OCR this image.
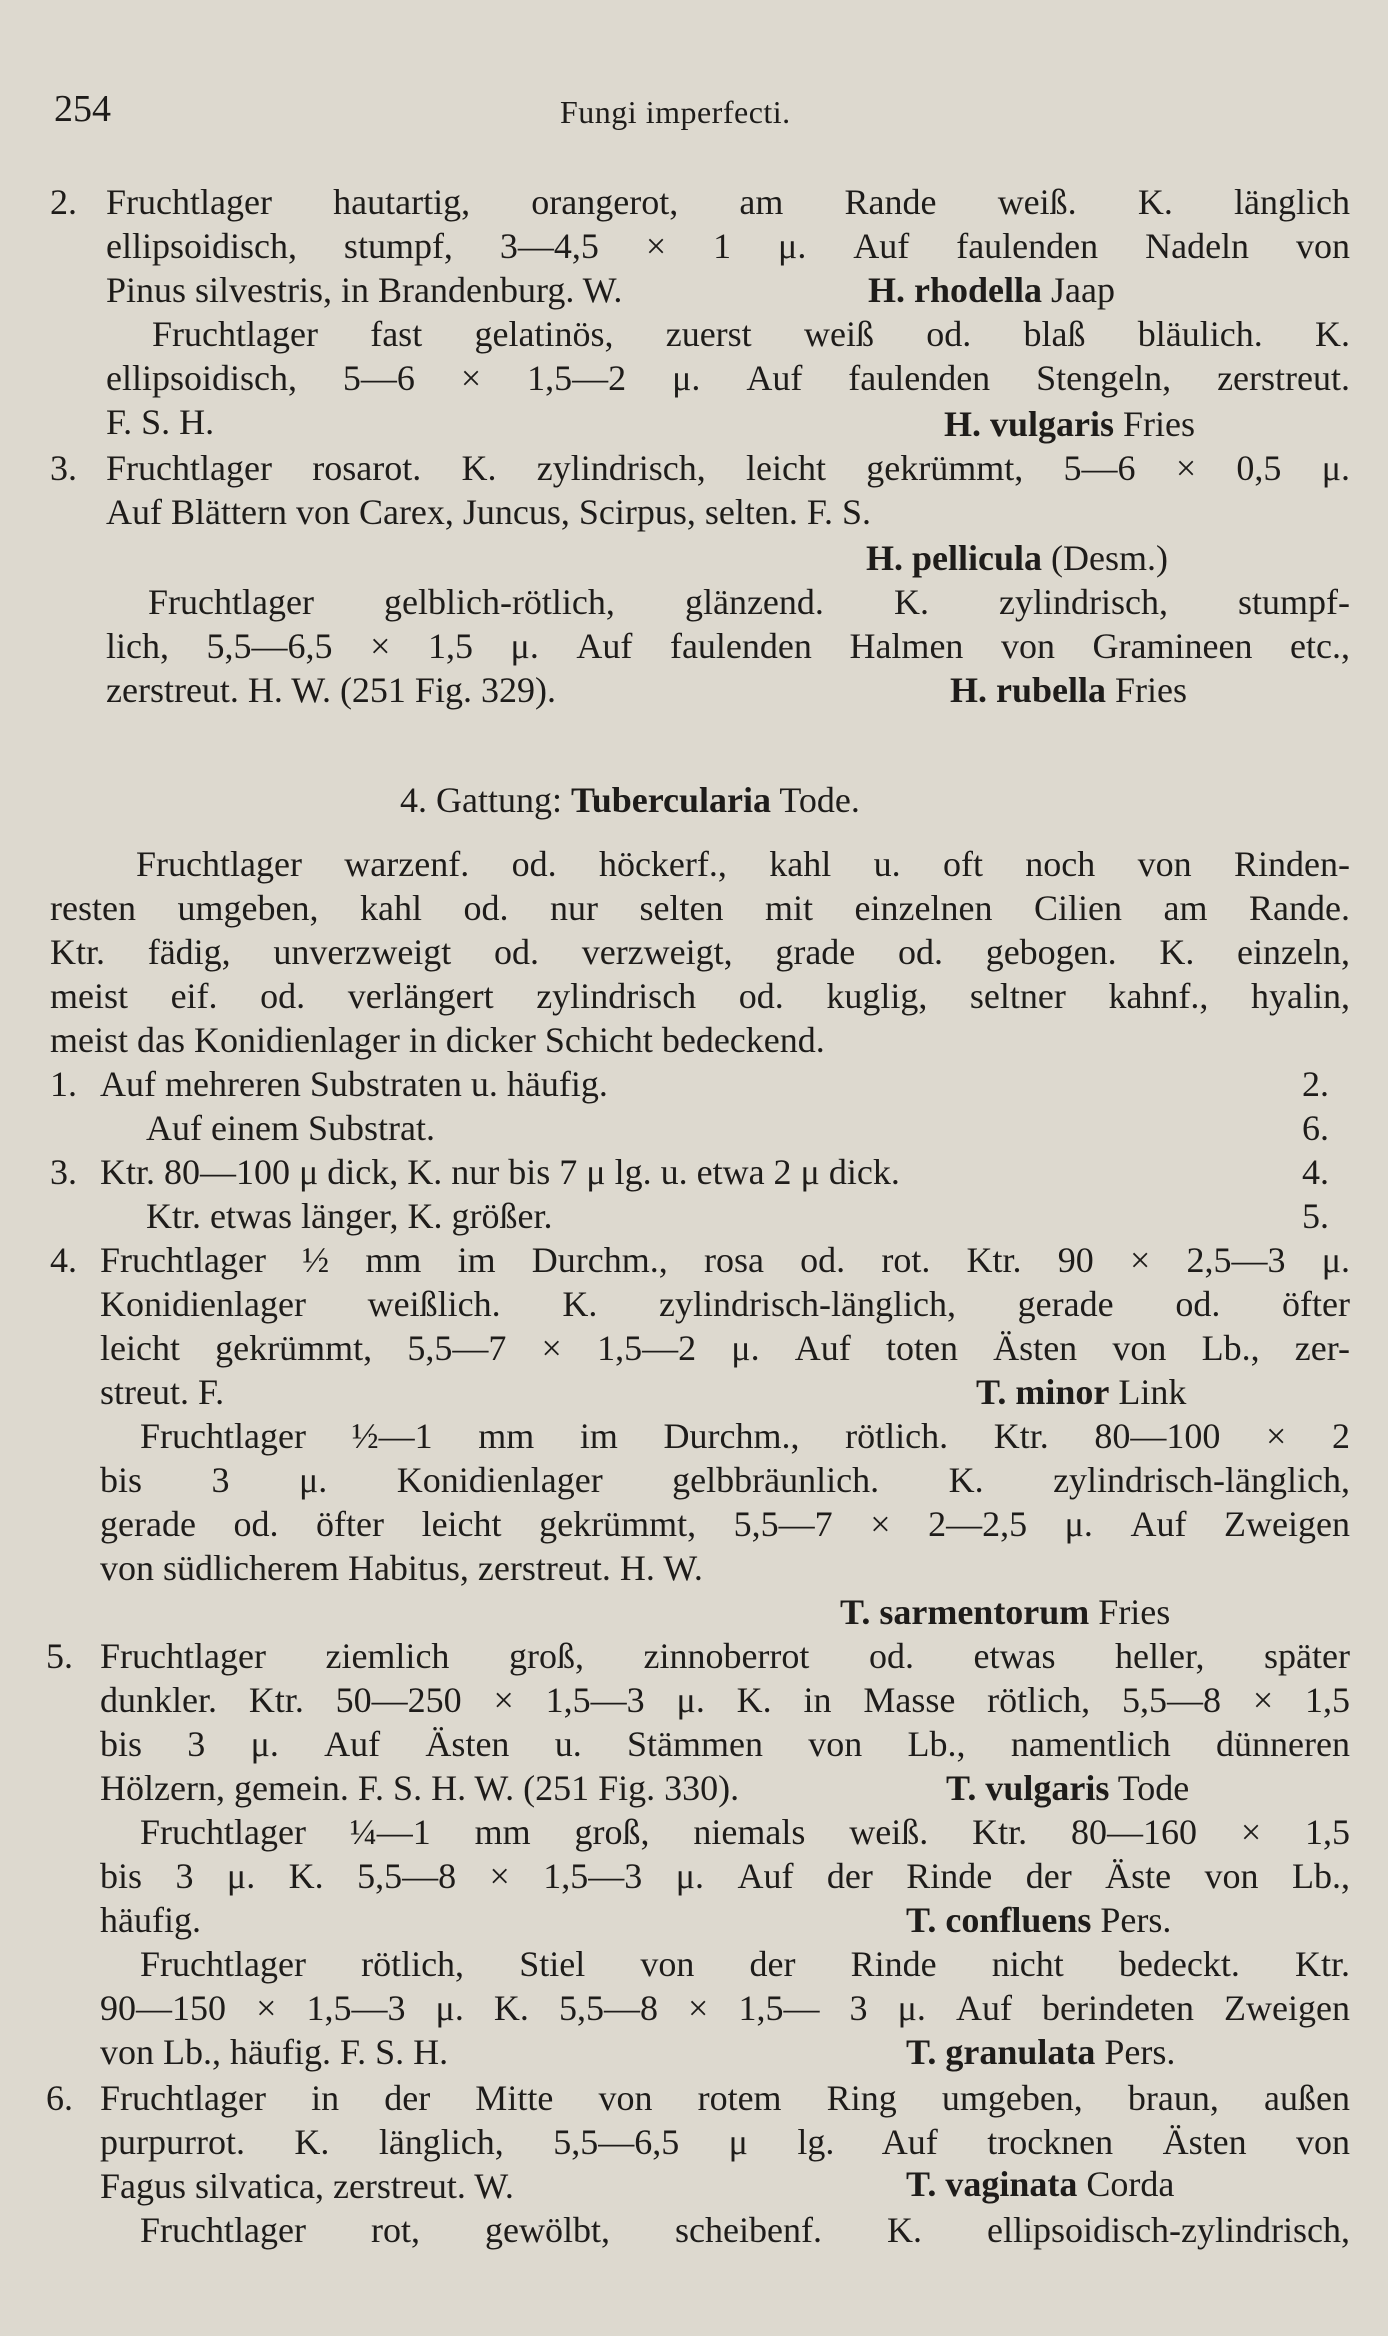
254	Fungi imperfecti.
2. Fruchtlager hautartig, orangerot, am Rande weiß. K. länglich
ellipsoidisch, stumpf, 3—4,5 × 1 μ. Auf faulenden Nadeln von
Pinus silvestris, in Brandenburg. W.	H. rhodella Jaap
Fruchtlager fast gelatinös, zuerst weiß od. blaß bläulich. K.
ellipsoidisch, 5—6 × 1,5—2 μ. Auf faulenden Stengeln, zerstreut.
F. S. H.	H. vulgaris Fries
3. Fruchtlager rosarot. K. zylindrisch, leicht gekrümmt, 5—6 × 0,5 μ.
Auf Blättern von Carex, Juncus, Scirpus, selten. F. S.
H. pellicula (Desm.)
Fruchtlager gelblich-rötlich, glänzend. K. zylindrisch, stumpf-
lich, 5,5—6,5 × 1,5 μ. Auf faulenden Halmen von Gramineen etc.,
zerstreut. H. W. (251 Fig. 329).	H. rubella Fries
4. Gattung: Tubercularia Tode.
Fruchtlager warzenf. od. höckerf., kahl u. oft noch von Rinden-
resten umgeben, kahl od. nur selten mit einzelnen Cilien am Rande.
Ktr. fädig, unverzweigt od. verzweigt, grade od. gebogen. K. einzeln,
meist eif. od. verlängert zylindrisch od. kuglig, seltner kahnf., hyalin,
meist das Konidienlager in dicker Schicht bedeckend.
1. Auf mehreren Substraten u. häufig.	2.
Auf einem Substrat.	6.
3. Ktr. 80—100 μ dick, K. nur bis 7 μ lg. u. etwa 2 μ dick.	4.
Ktr. etwas länger, K. größer.	5.
4. Fruchtlager ½ mm im Durchm., rosa od. rot. Ktr. 90 × 2,5—3 μ.
Konidienlager weißlich. K. zylindrisch-länglich, gerade od. öfter
leicht gekrümmt, 5,5—7 × 1,5—2 μ. Auf toten Ästen von Lb., zer-
streut. F.	T. minor Link
Fruchtlager ½—1 mm im Durchm., rötlich. Ktr. 80—100 × 2
bis 3 μ. Konidienlager gelbbräunlich. K. zylindrisch-länglich,
gerade od. öfter leicht gekrümmt, 5,5—7 × 2—2,5 μ. Auf Zweigen
von südlicherem Habitus, zerstreut. H. W.
T. sarmentorum Fries
5. Fruchtlager ziemlich groß, zinnoberrot od. etwas heller, später
dunkler. Ktr. 50—250 × 1,5—3 μ. K. in Masse rötlich, 5,5—8 × 1,5
bis 3 μ. Auf Ästen u. Stämmen von Lb., namentlich dünneren
Hölzern, gemein. F. S. H. W. (251 Fig. 330).	T. vulgaris Tode
Fruchtlager ¼—1 mm groß, niemals weiß. Ktr. 80—160 × 1,5
bis 3 μ. K. 5,5—8 × 1,5—3 μ. Auf der Rinde der Äste von Lb.,
häufig.	T. confluens Pers.
Fruchtlager rötlich, Stiel von der Rinde nicht bedeckt. Ktr.
90—150 × 1,5—3 μ. K. 5,5—8 × 1,5— 3 μ. Auf berindeten Zweigen
von Lb., häufig. F. S. H.	T. granulata Pers.
6. Fruchtlager in der Mitte von rotem Ring umgeben, braun, außen
purpurrot. K. länglich, 5,5—6,5 μ lg. Auf trocknen Ästen von
Fagus silvatica, zerstreut. W.	T. vaginata Corda
Fruchtlager rot, gewölbt, scheibenf. K. ellipsoidisch-zylindrisch,
